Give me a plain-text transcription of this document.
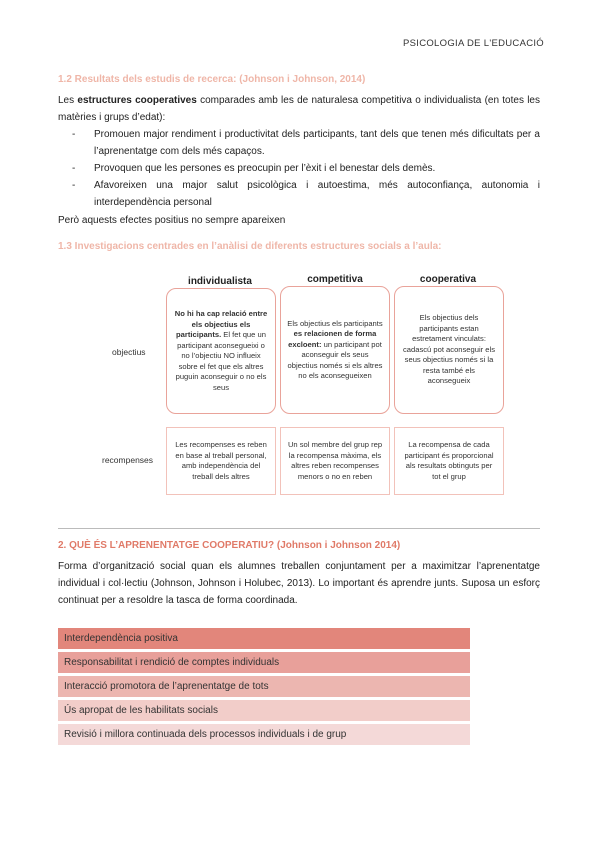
PSICOLOGIA DE L'EDUCACIÓ
1.2 Resultats dels estudis de recerca: (Johnson i Johnson, 2014)
Les estructures cooperatives comparades amb les de naturalesa competitiva o individualista (en totes les matèries i grups d’edat):
- Promouen major rendiment i productivitat dels participants, tant dels que tenen més dificultats per a l’aprenentatge com dels més capaços.
- Provoquen que les persones es preocupin per l’èxit i el benestar dels demès.
- Afavoreixen una major salut psicològica i autoestima, més autoconfiança, autonomia i interdependència personal
Però aquests efectes positius no sempre apareixen
1.3 Investigacions centrades en l’anàlisi de diferents estructures socials a l’aula:
individualista	competitiva	cooperativa
objectius
recompenses
No hi ha cap relació entre els objectius els participants. El fet que un participant aconsegueixi o no l’objectiu NO influeix sobre el fet que els altres puguin aconseguir o no els seus
Els objectius els participants es relacionen de forma excloent: un participant pot aconseguir els seus objectius només si els altres no els aconsegueixen
Els objectius dels participants estan estretament vinculats: cadascú pot aconseguir els seus objectius només si la resta també els aconsegueix
Les recompenses es reben en base al treball personal, amb independència del treball dels altres
Un sol membre del grup rep la recompensa màxima, els altres reben recompenses menors o no en reben
La recompensa de cada participant és proporcional als resultats obtinguts per tot el grup
2. QUÈ ÉS L’APRENENTATGE COOPERATIU? (Johnson i Johnson 2014)
Forma d’organització social quan els alumnes treballen conjuntament per a maximitzar l’aprenentatge individual i col·lectiu (Johnson, Johnson i Holubec, 2013). Lo important és aprendre junts. Suposa un esforç continuat per a resoldre la tasca de forma coordinada.
Interdependència positiva
Responsabilitat i rendició de comptes individuals
Interacció promotora de l’aprenentatge de tots
Ús apropat de les habilitats socials
Revisió i millora continuada dels processos individuals i de grup
